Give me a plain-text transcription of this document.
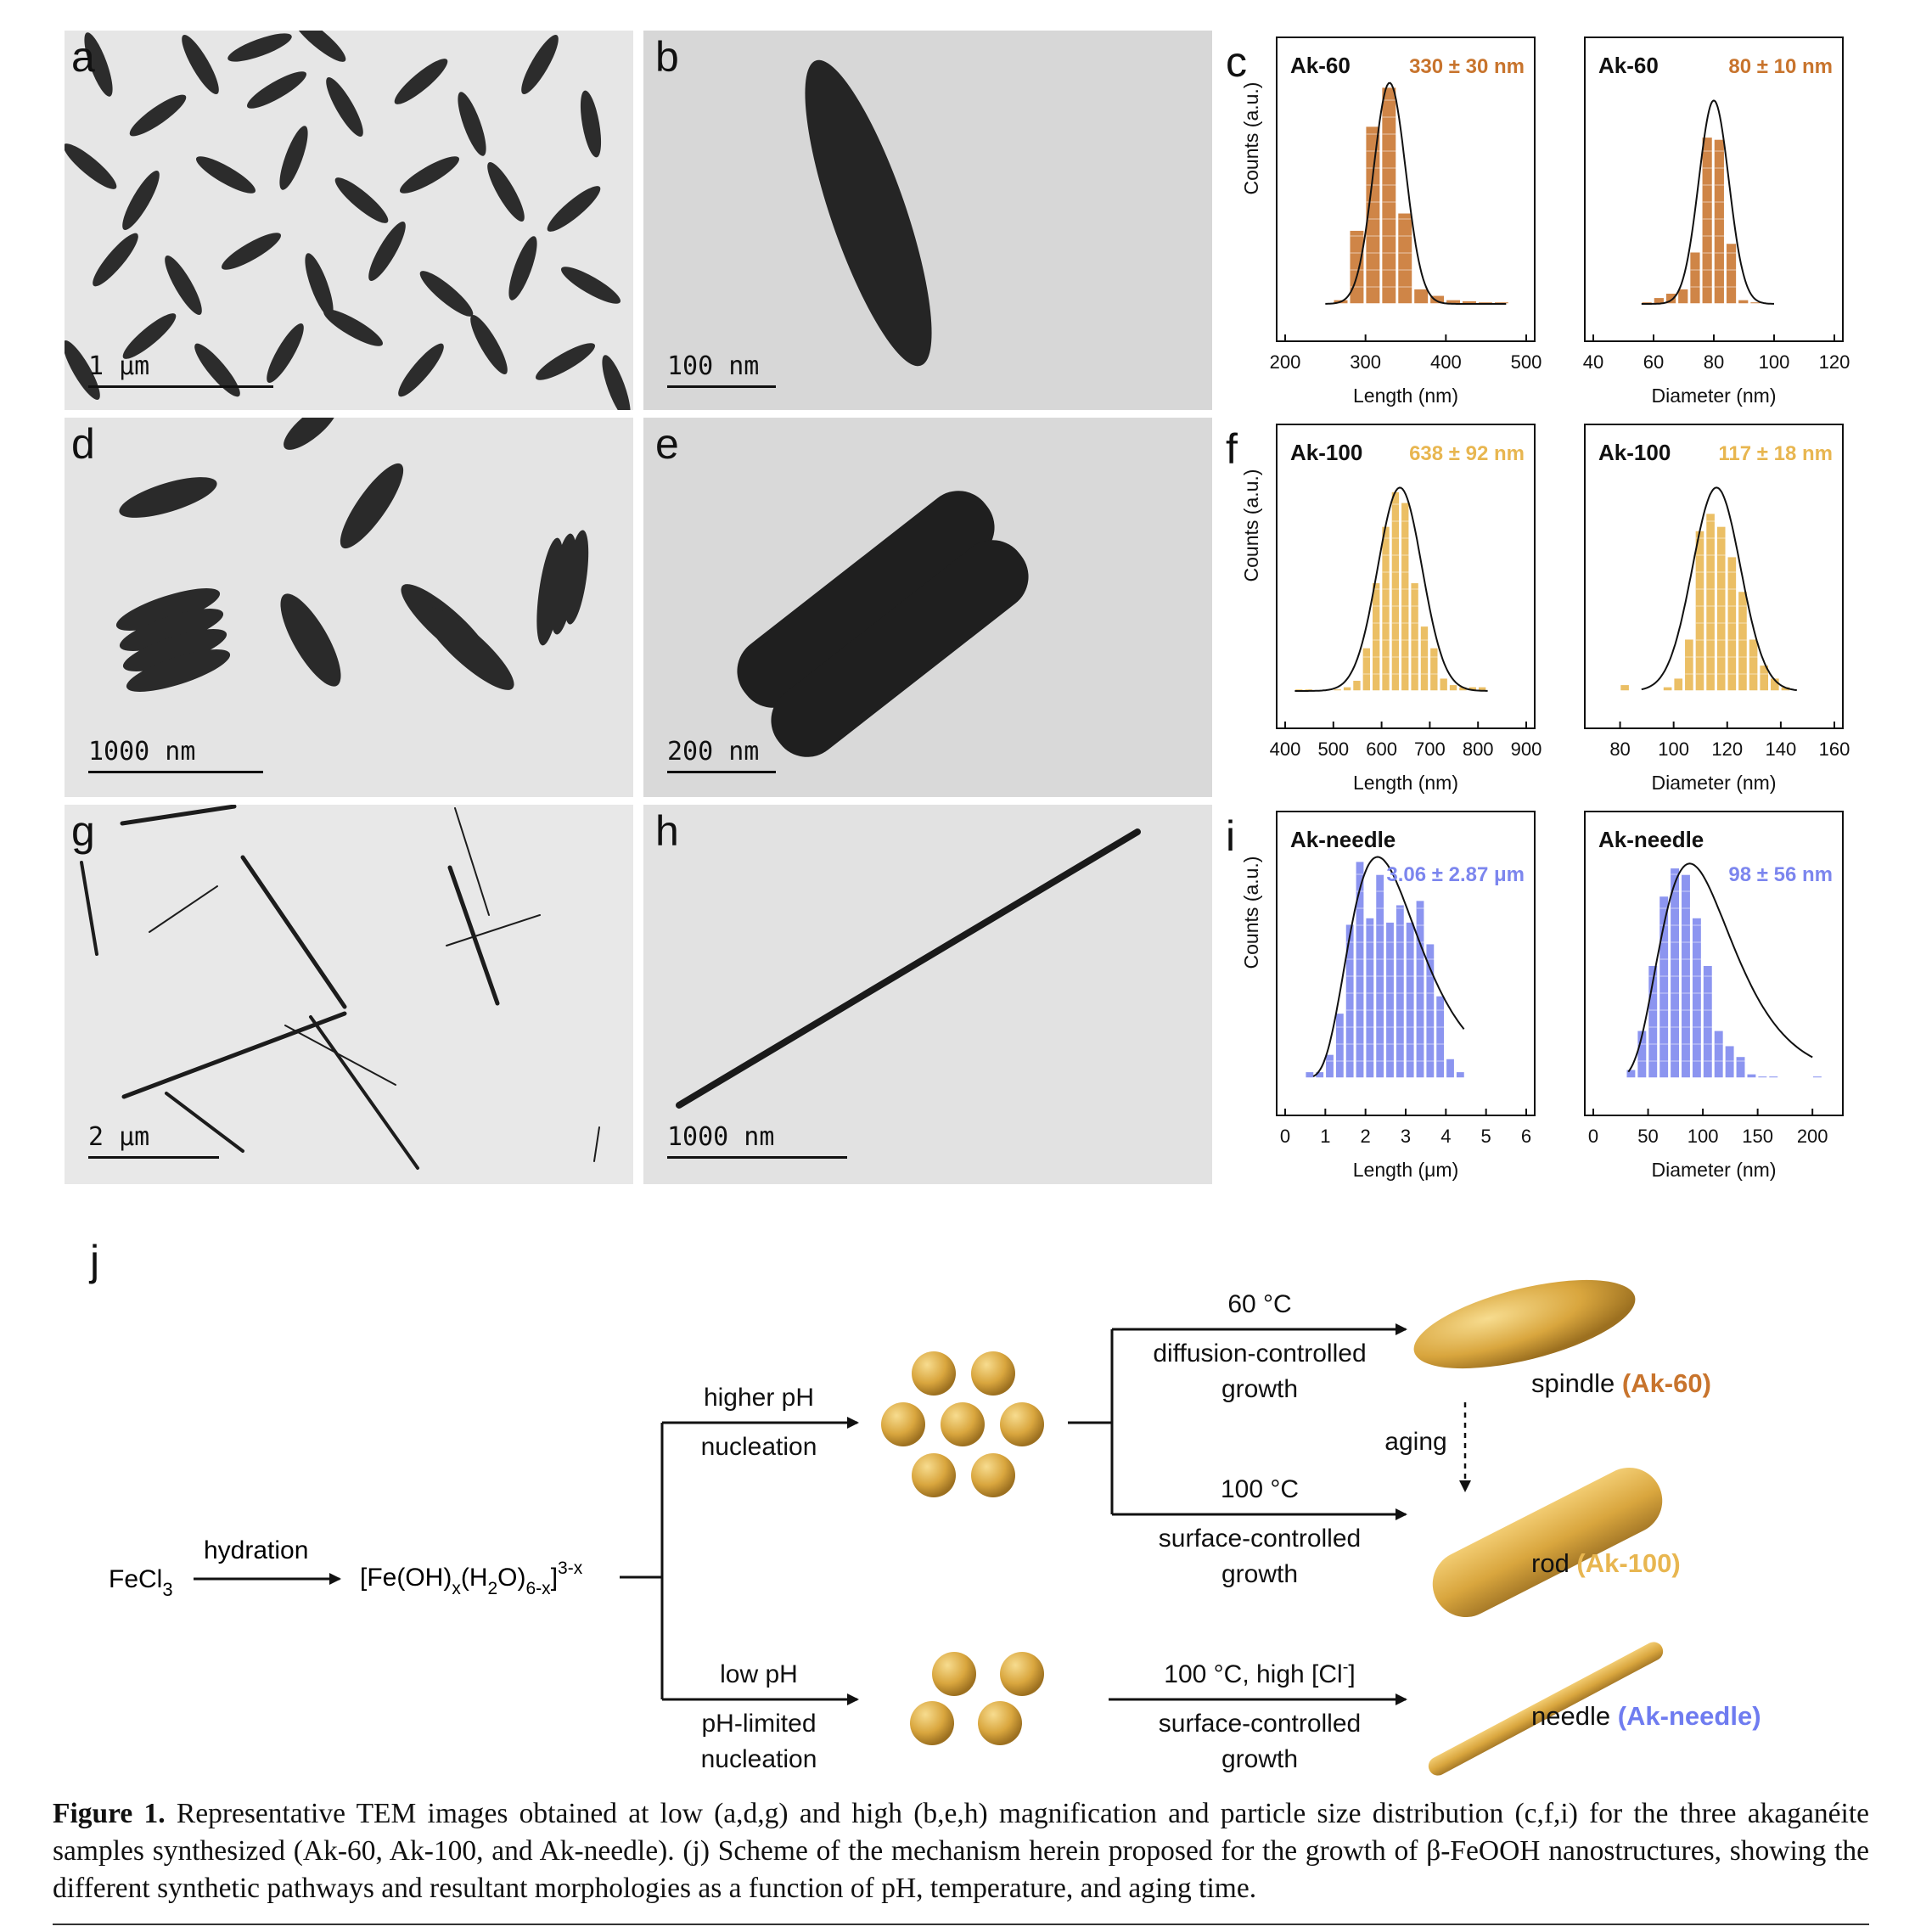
a
1 µm
b
100 nm
d
1000 nm
e
200 nm
g
2 µm
h
1000 nm
c
f
i
200	300	400	500
Length (nm)
Counts (a.u.)
Ak-60	330 ± 30 nm
40 60 80 100 120
Diameter (nm)
Ak-60	80 ± 10 nm
400 500 600 700 800 900
Length (nm)
Counts (a.u.)
Ak-100 638 ± 92 nm
80 100 120 140 160
Diameter (nm)
Ak-100 117 ± 18 nm
0 1 2 3 4 5 6
Length (μm)
Counts (a.u.)
Ak-needle
3.06 ± 2.87 μm
0 50 100 150 200
Diameter (nm)
Ak-needle
98 ± 56 nm
j
FeCl$_3$
hydration
$[Fe(OH)_x(H_2O)_{6-x}]^{3-x}$
higher pH
nucleation
low pH
pH-limited
nucleation
60 °C
diffusion-controlled
growth
100 °C
surface-controlled
growth
100 °C, high [Cl-]
surface-controlled
growth
aging
spindle (Ak-60)
rod (Ak-100)
needle (Ak-needle)
Figure 1. Representative TEM images obtained at low (a,d,g) and high (b,e,h) magnification and particle size distribution (c,f,i) for the three akaganéite samples synthesized (Ak-60, Ak-100, and Ak-needle). (j) Scheme of the mechanism herein proposed for the growth of β-FeOOH nanostructures, showing the different synthetic pathways and resultant morphologies as a function of pH, temperature, and aging time.
